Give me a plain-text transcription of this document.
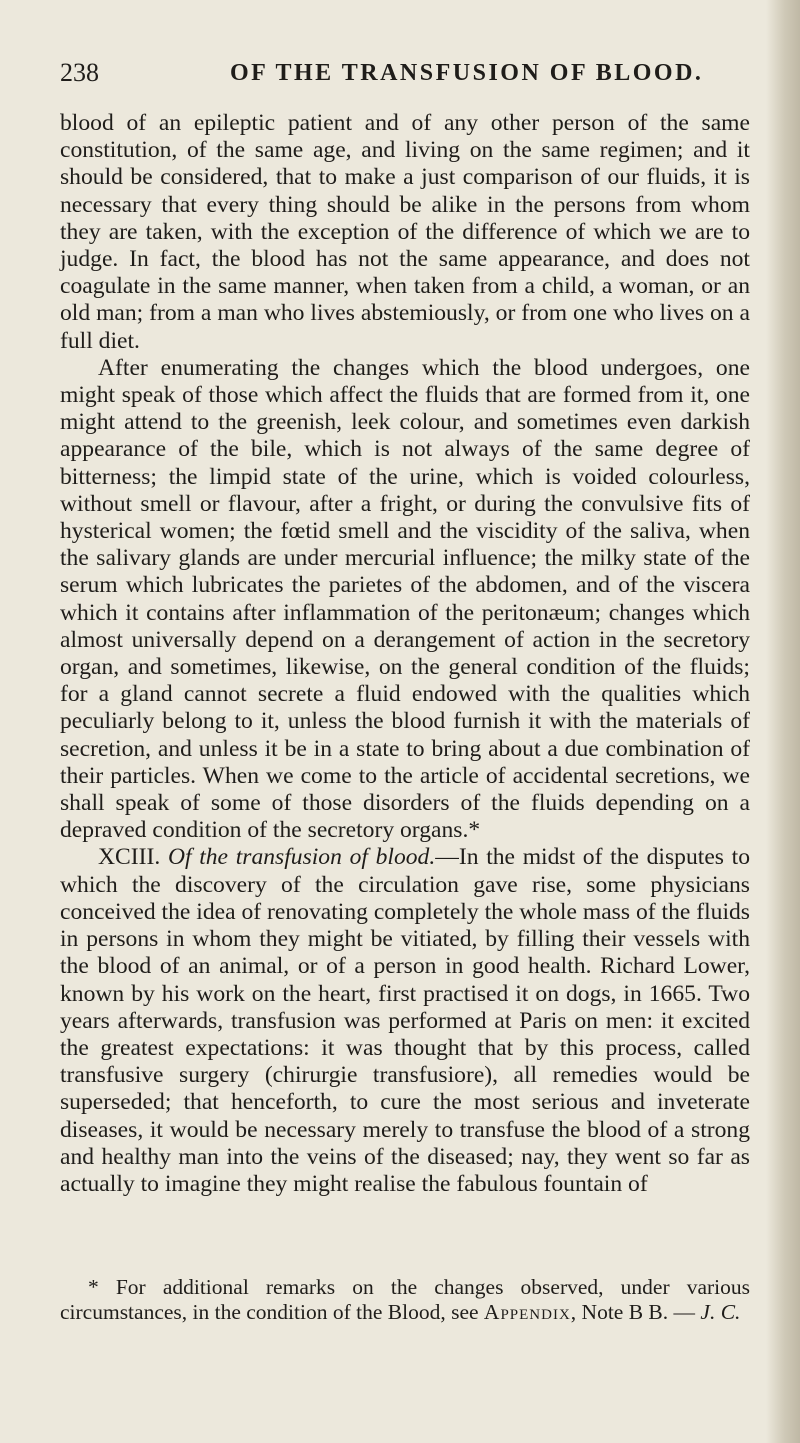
238	OF THE TRANSFUSION OF BLOOD.

blood of an epileptic patient and of any other person of the same constitution, of the same age, and living on the same regimen; and it should be considered, that to make a just comparison of our fluids, it is necessary that every thing should be alike in the persons from whom they are taken, with the exception of the difference of which we are to judge. In fact, the blood has not the same appearance, and does not coagulate in the same manner, when taken from a child, a woman, or an old man; from a man who lives abstemiously, or from one who lives on a full diet.

After enumerating the changes which the blood undergoes, one might speak of those which affect the fluids that are formed from it, one might attend to the greenish, leek colour, and sometimes even darkish appearance of the bile, which is not always of the same degree of bitterness; the limpid state of the urine, which is voided colourless, without smell or flavour, after a fright, or during the convulsive fits of hysterical women; the fœtid smell and the viscidity of the saliva, when the salivary glands are under mercurial influence; the milky state of the serum which lubricates the parietes of the abdomen, and of the viscera which it contains after inflammation of the peritonæum; changes which almost universally depend on a derangement of action in the secretory organ, and sometimes, likewise, on the general condition of the fluids; for a gland cannot secrete a fluid endowed with the qualities which peculiarly belong to it, unless the blood furnish it with the materials of secretion, and unless it be in a state to bring about a due combination of their particles. When we come to the article of accidental secretions, we shall speak of some of those disorders of the fluids depending on a depraved condition of the secretory organs.*

XCIII. Of the transfusion of blood.—In the midst of the disputes to which the discovery of the circulation gave rise, some physicians conceived the idea of renovating completely the whole mass of the fluids in persons in whom they might be vitiated, by filling their vessels with the blood of an animal, or of a person in good health. Richard Lower, known by his work on the heart, first practised it on dogs, in 1665. Two years afterwards, transfusion was performed at Paris on men: it excited the greatest expectations: it was thought that by this process, called transfusive surgery (chirurgie transfusiore), all remedies would be superseded; that henceforth, to cure the most serious and inveterate diseases, it would be necessary merely to transfuse the blood of a strong and healthy man into the veins of the diseased; nay, they went so far as actually to imagine they might realise the fabulous fountain of

* For additional remarks on the changes observed, under various circumstances, in the condition of the Blood, see Appendix, Note B B. — J. C.
